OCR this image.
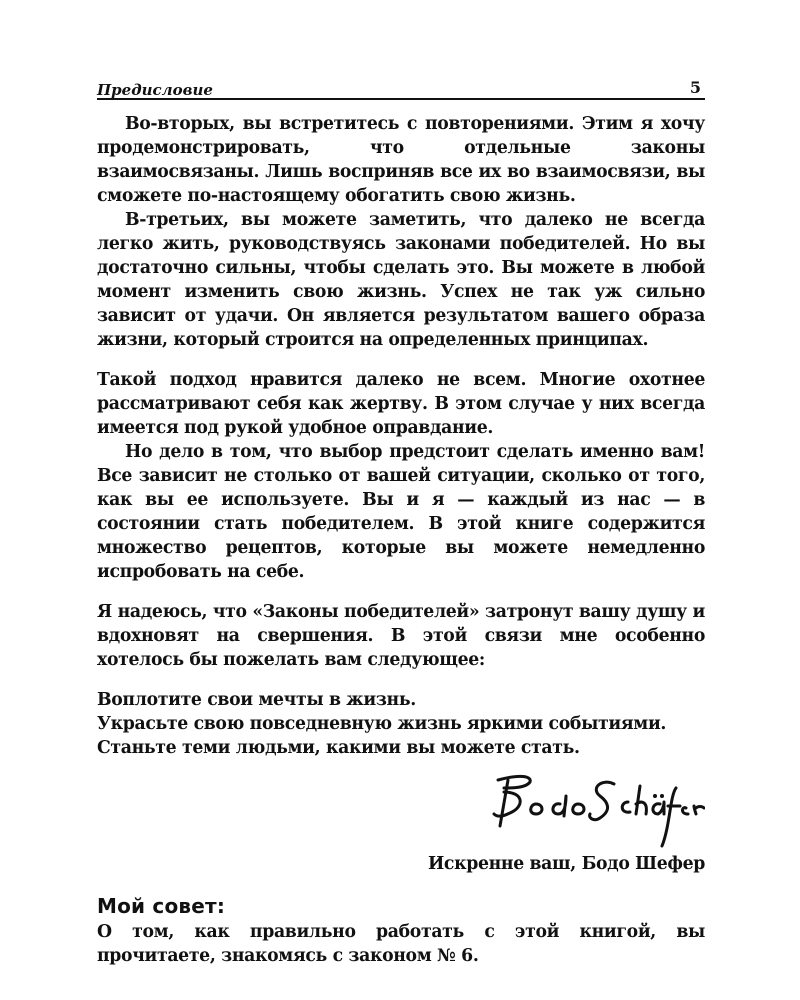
Предисловие	5

Во-вторых, вы встретитесь с повторениями. Этим я хочу продемонстрировать, что отдельные законы взаимосвязаны. Лишь восприняв все их во взаимосвязи, вы сможете по-настоящему обогатить свою жизнь.

В-третьих, вы можете заметить, что далеко не всегда легко жить, руководствуясь законами победителей. Но вы достаточно сильны, чтобы сделать это. Вы можете в любой момент изменить свою жизнь. Успех не так уж сильно зависит от удачи. Он является результатом вашего образа жизни, который строится на определенных принципах.

Такой подход нравится далеко не всем. Многие охотнее рассматривают себя как жертву. В этом случае у них всегда имеется под рукой удобное оправдание.

Но дело в том, что выбор предстоит сделать именно вам! Все зависит не столько от вашей ситуации, сколько от того, как вы ее используете. Вы и я — каждый из нас — в состоянии стать победителем. В этой книге содержится множество рецептов, которые вы можете немедленно испробовать на себе.

Я надеюсь, что «Законы победителей» затронут вашу душу и вдохновят на свершения. В этой связи мне особенно хотелось бы пожелать вам следующее:

Воплотите свои мечты в жизнь.

Украсьте свою повседневную жизнь яркими событиями.

Станьте теми людьми, какими вы можете стать.

Искренне ваш, Бодо Шефер

Мой совет:

О том, как правильно работать с этой книгой, вы прочитаете, знакомясь с законом № 6.
